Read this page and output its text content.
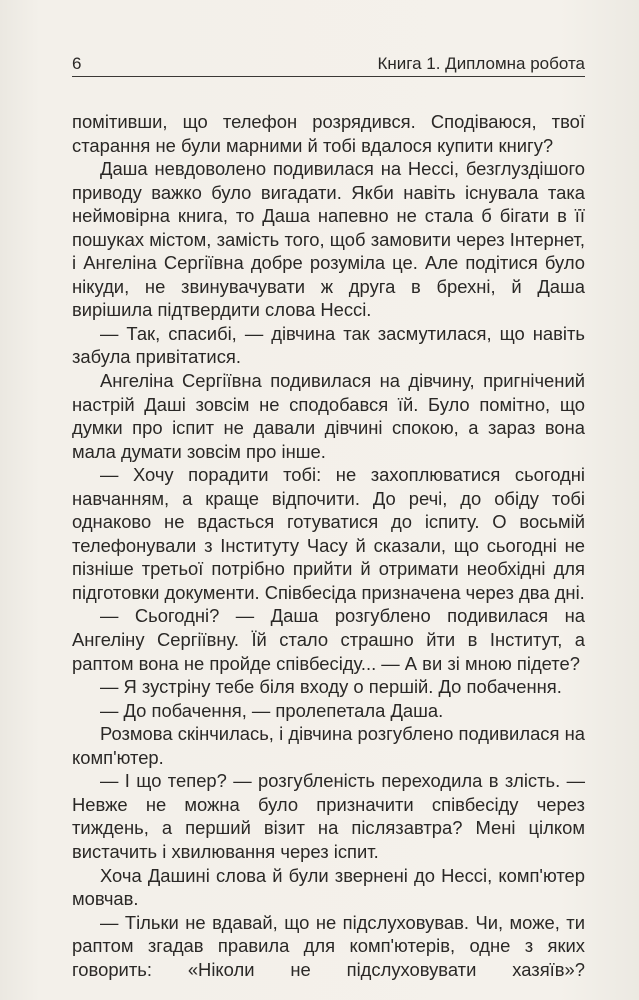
6	Книга 1. Дипломна робота

помітивши, що телефон розрядився. Сподіваюся, твої старання не були марними й тобі вдалося купити книгу?

Даша невдоволено подивилася на Нессі, безглуздішого приводу важко було вигадати. Якби навіть існувала така неймовірна книга, то Даша напевно не стала б бігати в її пошуках містом, замість того, щоб замовити через Інтернет, і Ангеліна Сергіївна добре розуміла це. Але подітися було нікуди, не звинувачувати ж друга в брехні, й Даша вирішила підтвердити слова Нессі.

— Так, спасибі, — дівчина так засмутилася, що навіть забула привітатися.

Ангеліна Сергіївна подивилася на дівчину, пригнічений настрій Даші зовсім не сподобався їй. Було помітно, що думки про іспит не давали дівчині спокою, а зараз вона мала думати зовсім про інше.

— Хочу порадити тобі: не захоплюватися сьогодні навчанням, а краще відпочити. До речі, до обіду тобі однаково не вдасться готуватися до іспиту. О восьмій телефонували з Інституту Часу й сказали, що сьогодні не пізніше третьої потрібно прийти й отримати необхідні для підготовки документи. Співбесіда призначена через два дні.

— Сьогодні? — Даша розгублено подивилася на Ангеліну Сергіївну. Їй стало страшно йти в Інститут, а раптом вона не пройде співбесіду... — А ви зі мною підете?

— Я зустріну тебе біля входу о першій. До побачення.

— До побачення, — пролепетала Даша.

Розмова скінчилась, і дівчина розгублено подивилася на комп'ютер.

— І що тепер? — розгубленість переходила в злість. — Невже не можна було призначити співбесіду через тиждень, а перший візит на післязавтра? Мені цілком вистачить і хвилювання через іспит.

Хоча Дашині слова й були звернені до Нессі, комп'ютер мовчав.

— Тільки не вдавай, що не підслуховував. Чи, може, ти раптом згадав правила для комп'ютерів, одне з яких говорить: «Ніколи не підслуховувати хазяїв»?
